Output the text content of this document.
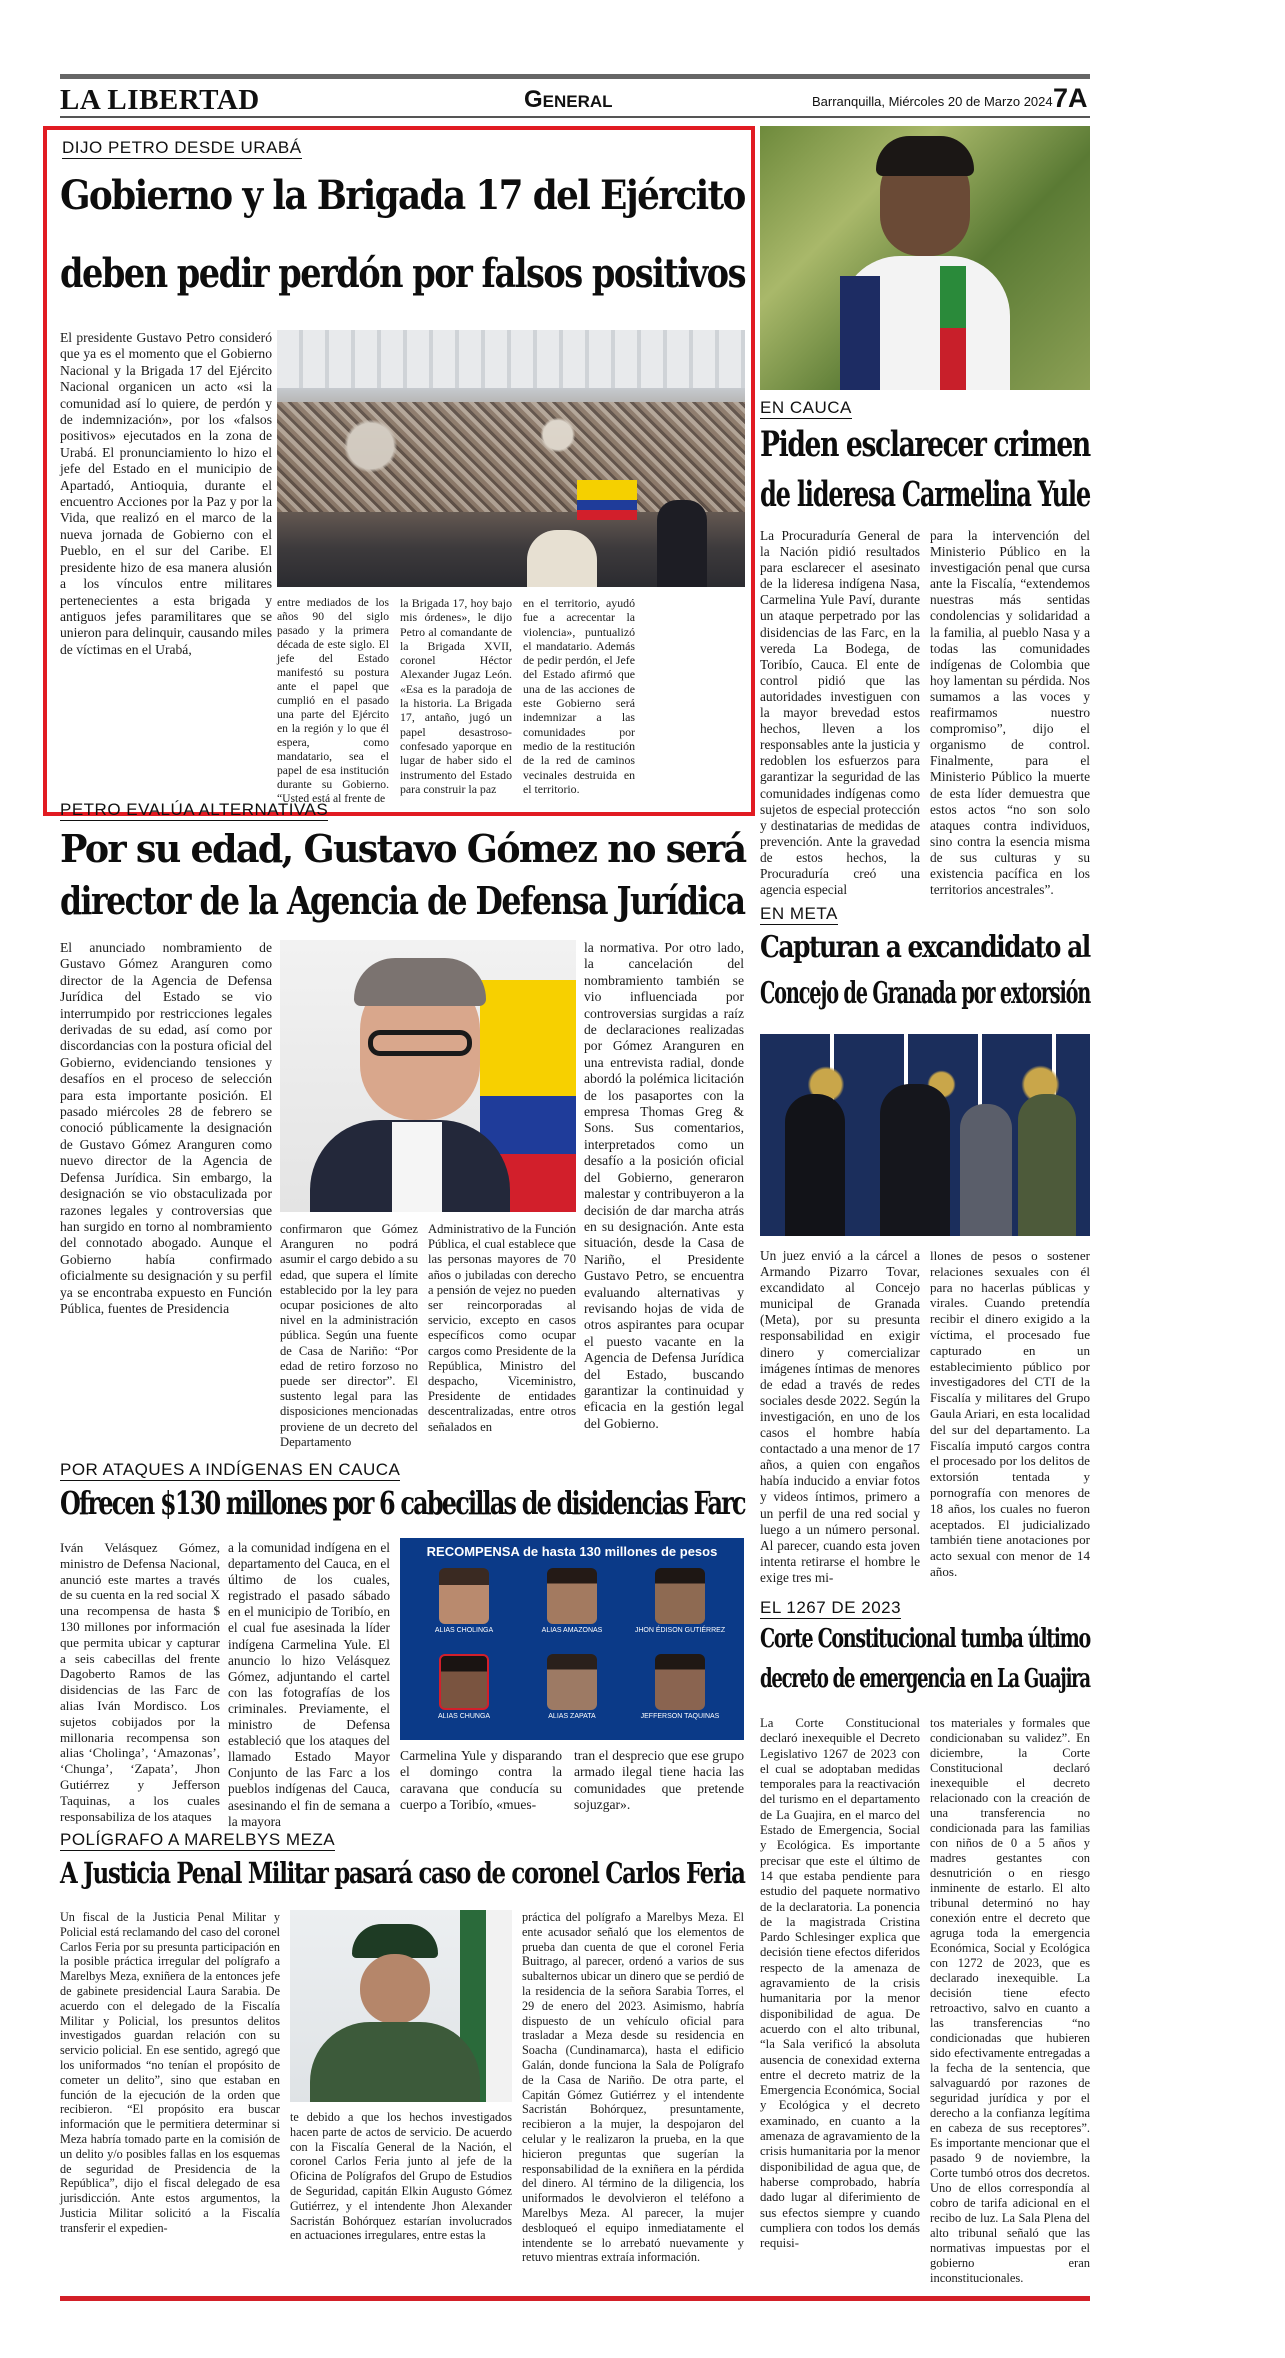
LA LIBERTAD	General	Barranquilla, Miércoles 20 de Marzo 2024 7A
DIJO PETRO DESDE URABÁ
Gobierno y la Brigada 17 del Ejército
deben pedir perdón por falsos positivos

El presidente Gustavo Petro consideró que ya es el momento que el Gobierno Nacional y la Brigada 17 del Ejército Nacional organicen un acto «si la comunidad así lo quiere, de perdón y de indemnización», por los «falsos positivos» ejecutados en la zona de Urabá. El pronunciamiento lo hizo el jefe del Estado en el municipio de Apartadó, Antioquia, durante el encuentro Acciones por la Paz y por la Vida, que realizó en el marco de la nueva jornada de Gobierno con el Pueblo, en el sur del Caribe. El presidente hizo de esa manera alusión a los vínculos entre militares pertenecientes a esta brigada y antiguos jefes paramilitares que se unieron para delinquir, causando miles de víctimas en el Urabá,

entre mediados de los años 90 del siglo pasado y la primera década de este siglo. El jefe del Estado manifestó su postura ante el papel que cumplió en el pasado una parte del Ejército en la región y lo que él espera, como mandatario, sea el papel de esa institución durante su Gobierno. “Usted está al frente de

la Brigada 17, hoy bajo mis órdenes», le dijo Petro al comandante de la Brigada XVII, coronel Héctor Alexander Jugaz León. «Esa es la paradoja de la historia. La Brigada 17, antaño, jugó un papel desastroso-confesado yaporque en lugar de haber sido el instrumento del Estado para construir la paz

en el territorio, ayudó fue a acrecentar la violencia», puntualizó el mandatario. Además de pedir perdón, el Jefe del Estado afirmó que una de las acciones de este Gobierno será indemnizar a las comunidades por medio de la restitución de la red de caminos vecinales destruida en el territorio.

EN CAUCA
Piden esclarecer crimen
de lideresa Carmelina Yule

La Procuraduría General de la Nación pidió resultados para esclarecer el asesinato de la lideresa indígena Nasa, Carmelina Yule Paví, durante un ataque perpetrado por las disidencias de las Farc, en la vereda La Bodega, de Toribío, Cauca. El ente de control pidió que las autoridades investiguen con la mayor brevedad estos hechos, lleven a los responsables ante la justicia y redoblen los esfuerzos para garantizar la seguridad de las comunidades indígenas como sujetos de especial protección y destinatarias de medidas de prevención. Ante la gravedad de estos hechos, la Procuraduría creó una agencia especial

para la intervención del Ministerio Público en la investigación penal que cursa ante la Fiscalía, “extendemos nuestras más sentidas condolencias y solidaridad a la familia, al pueblo Nasa y a todas las comunidades indígenas de Colombia que hoy lamentan su pérdida. Nos sumamos a las voces y reafirmamos nuestro compromiso”, dijo el organismo de control. Finalmente, para el Ministerio Público la muerte de esta líder demuestra que estos actos “no son solo ataques contra individuos, sino contra la esencia misma de sus culturas y su existencia pacífica en los territorios ancestrales”.

PETRO EVALÚA ALTERNATIVAS
Por su edad, Gustavo Gómez no será
director de la Agencia de Defensa Jurídica

El anunciado nombramiento de Gustavo Gómez Aranguren como director de la Agencia de Defensa Jurídica del Estado se vio interrumpido por restricciones legales derivadas de su edad, así como por discordancias con la postura oficial del Gobierno, evidenciando tensiones y desafíos en el proceso de selección para esta importante posición. El pasado miércoles 28 de febrero se conoció públicamente la designación de Gustavo Gómez Aranguren como nuevo director de la Agencia de Defensa Jurídica. Sin embargo, la designación se vio obstaculizada por razones legales y controversias que han surgido en torno al nombramiento del connotado abogado. Aunque el Gobierno había confirmado oficialmente su designación y su perfil ya se encontraba expuesto en Función Pública, fuentes de Presidencia

la normativa. Por otro lado, la cancelación del nombramiento también se vio influenciada por controversias surgidas a raíz de declaraciones realizadas por Gómez Aranguren en una entrevista radial, donde abordó la polémica licitación de los pasaportes con la empresa Thomas Greg & Sons. Sus comentarios, interpretados como un desafío a la posición oficial del Gobierno, generaron malestar y contribuyeron a la decisión de dar marcha atrás en su designación. Ante esta situación, desde la Casa de Nariño, el Presidente Gustavo Petro, se encuentra evaluando alternativas y revisando hojas de vida de otros aspirantes para ocupar el puesto vacante en la Agencia de Defensa Jurídica del Estado, buscando garantizar la continuidad y eficacia en la gestión legal del Gobierno.

confirmaron que Gómez Aranguren no podrá asumir el cargo debido a su edad, que supera el límite establecido por la ley para ocupar posiciones de alto nivel en la administración pública. Según una fuente de Casa de Nariño: “Por edad de retiro forzoso no puede ser director”. El sustento legal para las disposiciones mencionadas proviene de un decreto del Departamento

Administrativo de la Función Pública, el cual establece que las personas mayores de 70 años o jubiladas con derecho a pensión de vejez no pueden ser reincorporadas al servicio, excepto en casos específicos como ocupar cargos como Presidente de la República, Ministro del despacho, Viceministro, Presidente de entidades descentralizadas, entre otros señalados en

EN META
Capturan a excandidato al
Concejo de Granada por extorsión

Un juez envió a la cárcel a Armando Pizarro Tovar, excandidato al Concejo municipal de Granada (Meta), por su presunta responsabilidad en exigir dinero y comercializar imágenes íntimas de menores de edad a través de redes sociales desde 2022. Según la investigación, en uno de los casos el hombre había contactado a una menor de 17 años, a quien con engaños había inducido a enviar fotos y videos íntimos, primero a un perfil de una red social y luego a un número personal. Al parecer, cuando esta joven intenta retirarse el hombre le exige tres mi-

llones de pesos o sostener relaciones sexuales con él para no hacerlas públicas y virales. Cuando pretendía recibir el dinero exigido a la víctima, el procesado fue capturado en un establecimiento público por investigadores del CTI de la Fiscalía y militares del Grupo Gaula Ariari, en esta localidad del sur del departamento. La Fiscalía imputó cargos contra el procesado por los delitos de extorsión tentada y pornografía con menores de 18 años, los cuales no fueron aceptados. El judicializado también tiene anotaciones por acto sexual con menor de 14 años.

POR ATAQUES A INDÍGENAS EN CAUCA
Ofrecen $130 millones por 6 cabecillas de disidencias Farc

Iván Velásquez Gómez, ministro de Defensa Nacional, anunció este martes a través de su cuenta en la red social X una recompensa de hasta $ 130 millones por información que permita ubicar y capturar a seis cabecillas del frente Dagoberto Ramos de las disidencias de las Farc de alias Iván Mordisco. Los sujetos cobijados por la millonaria recompensa son alias ‘Cholinga’, ‘Amazonas’, ‘Chunga’, ‘Zapata’, Jhon Gutiérrez y Jefferson Taquinas, a los cuales responsabiliza de los ataques

a la comunidad indígena en el departamento del Cauca, en el último de los cuales, registrado el pasado sábado en el municipio de Toribío, en el cual fue asesinada la líder indígena Carmelina Yule. El anuncio lo hizo Velásquez Gómez, adjuntando el cartel con las fotografías de los criminales. Previamente, el ministro de Defensa estableció que los ataques del llamado Estado Mayor Conjunto de las Farc a los pueblos indígenas del Cauca, asesinando el fin de semana a la mayora

RECOMPENSA de hasta 130 millones de pesos
ALIAS CHOLINGA	ALIAS AMAZONAS	JHON ÉDISON GUTIÉRREZ
ALIAS CHUNGA	ALIAS ZAPATA	JEFFERSON TAQUINAS

Carmelina Yule y disparando el domingo contra la caravana que conducía su cuerpo a Toribío, «mues-

tran el desprecio que ese grupo armado ilegal tiene hacia las comunidades que pretende sojuzgar».

EL 1267 DE 2023
Corte Constitucional tumba último
decreto de emergencia en La Guajira

La Corte Constitucional declaró inexequible el Decreto Legislativo 1267 de 2023 con el cual se adoptaban medidas temporales para la reactivación del turismo en el departamento de La Guajira, en el marco del Estado de Emergencia, Social y Ecológica. Es importante precisar que este el último de 14 que estaba pendiente para estudio del paquete normativo de la declaratoria. La ponencia de la magistrada Cristina Pardo Schlesinger explica que decisión tiene efectos diferidos respecto de la amenaza de agravamiento de la crisis humanitaria por la menor disponibilidad de agua. De acuerdo con el alto tribunal, “la Sala verificó la absoluta ausencia de conexidad externa entre el decreto matriz de la Emergencia Económica, Social y Ecológica y el decreto examinado, en cuanto a la amenaza de agravamiento de la crisis humanitaria por la menor disponibilidad de agua que, de haberse comprobado, habría dado lugar al diferimiento de sus efectos siempre y cuando cumpliera con todos los demás requisi-

tos materiales y formales que condicionaban su validez”. En diciembre, la Corte Constitucional declaró inexequible el decreto relacionado con la creación de una transferencia no condicionada para las familias con niños de 0 a 5 años y madres gestantes con desnutrición o en riesgo inminente de estarlo. El alto tribunal determinó no hay conexión entre el decreto que agruga toda la emergencia Económica, Social y Ecológica con 1272 de 2023, que es declarado inexequible. La decisión tiene efecto retroactivo, salvo en cuanto a las transferencias “no condicionadas que hubieren sido efectivamente entregadas a la fecha de la sentencia, que salvaguardó por razones de seguridad jurídica y por el derecho a la confianza legítima en cabeza de sus receptores”. Es importante mencionar que el pasado 9 de noviembre, la Corte tumbó otros dos decretos. Uno de ellos correspondía al cobro de tarifa adicional en el recibo de luz. La Sala Plena del alto tribunal señaló que las normativas impuestas por el gobierno eran inconstitucionales.

POLÍGRAFO A MARELBYS MEZA
A Justicia Penal Militar pasará caso de coronel Carlos Feria

Un fiscal de la Justicia Penal Militar y Policial está reclamando del caso del coronel Carlos Feria por su presunta participación en la posible práctica irregular del polígrafo a Marelbys Meza, exniñera de la entonces jefe de gabinete presidencial Laura Sarabia. De acuerdo con el delegado de la Fiscalía Militar y Policial, los presuntos delitos investigados guardan relación con su servicio policial. En ese sentido, agregó que los uniformados “no tenían el propósito de cometer un delito”, sino que estaban en función de la ejecución de la orden que recibieron. “El propósito era buscar información que le permitiera determinar si Meza habría tomado parte en la comisión de un delito y/o posibles fallas en los esquemas de seguridad de Presidencia de la República”, dijo el fiscal delegado de esa jurisdicción. Ante estos argumentos, la Justicia Militar solicitó a la Fiscalía transferir el expedien-

te debido a que los hechos investigados hacen parte de actos de servicio. De acuerdo con la Fiscalía General de la Nación, el coronel Carlos Feria junto al jefe de la Oficina de Polígrafos del Grupo de Estudios de Seguridad, capitán Elkin Augusto Gómez Gutiérrez, y el intendente Jhon Alexander Sacristán Bohórquez estarían involucrados en actuaciones irregulares, entre estas la

práctica del polígrafo a Marelbys Meza. El ente acusador señaló que los elementos de prueba dan cuenta de que el coronel Feria Buitrago, al parecer, ordenó a varios de sus subalternos ubicar un dinero que se perdió de la residencia de la señora Sarabia Torres, el 29 de enero del 2023. Asimismo, habría dispuesto de un vehículo oficial para trasladar a Meza desde su residencia en Soacha (Cundinamarca), hasta el edificio Galán, donde funciona la Sala de Polígrafo de la Casa de Nariño. De otra parte, el Capitán Gómez Gutiérrez y el intendente Sacristán Bohórquez, presuntamente, recibieron a la mujer, la despojaron del celular y le realizaron la prueba, en la que hicieron preguntas que sugerían la responsabilidad de la exniñera en la pérdida del dinero. Al término de la diligencia, los uniformados le devolvieron el teléfono a Marelbys Meza. Al parecer, la mujer desbloqueó el equipo inmediatamente el intendente se lo arrebató nuevamente y retuvo mientras extraía información.
